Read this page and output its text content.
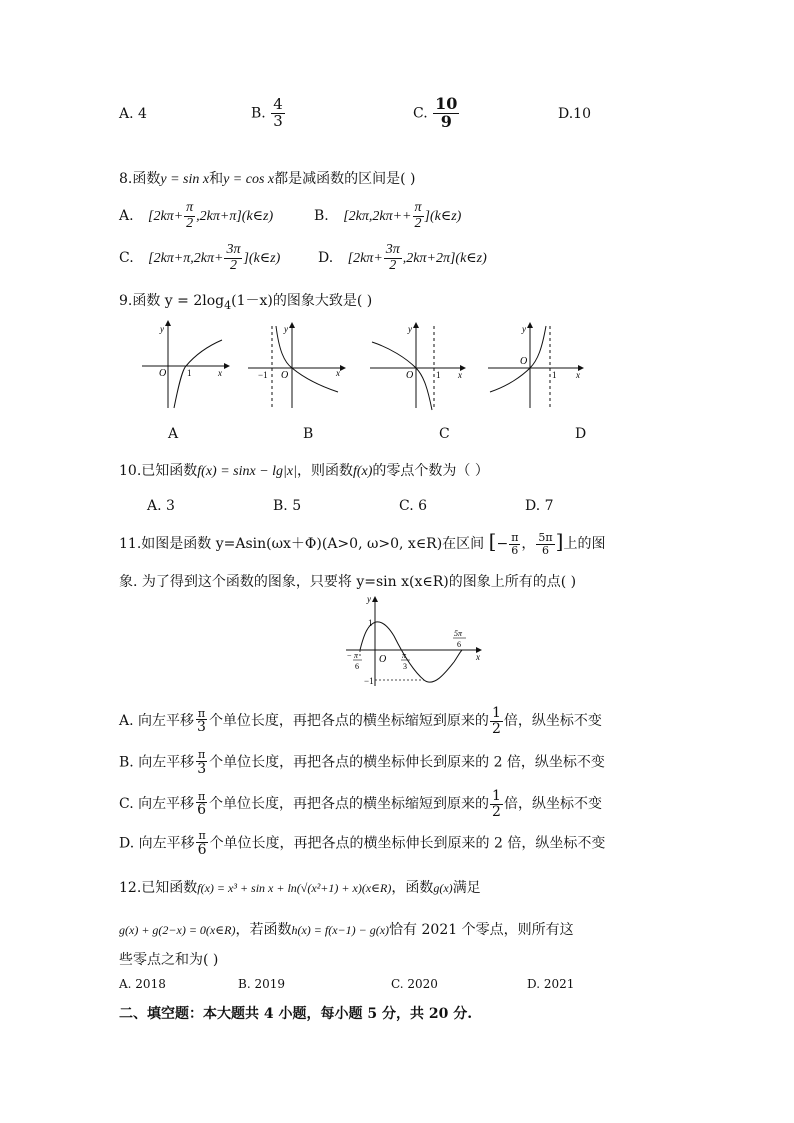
A. 4	B. $\frac{4}{3}$	C. $\frac{10}{9}$	D.10
8.函数y = sin x和y = cos x都是减函数的区间是( )
A. [$2k\pi+ \frac{\pi}{2}$ ,2kπ+π](k∈z)	B. [$2k\pi,2k\pi++ \frac{\pi}{2}$ ](k∈z)
C. [$2k\pi+\pi,2k\pi+ \frac{3\pi}{2}$ ](k∈z)	D. [$2k\pi+ \frac{3\pi}{2}$ ,2kπ+2π](k∈z)
9.函数 $y = 2\log_4(1-x)$的图象大致是( )
y
x
O 1
y
x
−1 O
y
x
O	1
y
x
O
1
A	B	C	D
10.已知函数f(x) = sinx − lg|x|，则函数f(x)的零点个数为（ ）
A. 3	B. 5	C. 6	D. 7
11.如图是函数 y=Asin(ωx＋Φ)(A>0, ω>0, x∈R)在区间 [− $\frac{\pi}{6}$ ， $\frac{5\pi}{6}$ ]上的图
象. 为了得到这个函数的图象，只要将 y=sin x(x∈R)的图象上所有的点( )
y
x
1
−1
O
− π
6
π
3
5π
6
A. 向左平移 $\frac{\pi}{3}$ 个单位长度，再把各点的横坐标缩短到原来的 $\frac{1}{2}$ 倍，纵坐标不变
B. 向左平移 $\frac{\pi}{3}$ 个单位长度，再把各点的横坐标伸长到原来的 2 倍，纵坐标不变
C. 向左平移 $\frac{\pi}{6}$ 个单位长度，再把各点的横坐标缩短到原来的 $\frac{1}{2}$ 倍，纵坐标不变
D. 向左平移 $\frac{\pi}{6}$ 个单位长度，再把各点的横坐标伸长到原来的 2 倍，纵坐标不变
12.已知函数f(x) = x³ + sin x + ln(√(x²+1) + x)(x∈R)，函数g(x)满足
g(x) + g(2−x) = 0(x∈R)，若函数h(x) = f(x−1) − g(x)恰有 2021 个零点，则所有这
些零点之和为( )
A. 2018	B. 2019	C. 2020	D. 2021
二、填空题：本大题共 4 小题，每小题 5 分，共 20 分.
